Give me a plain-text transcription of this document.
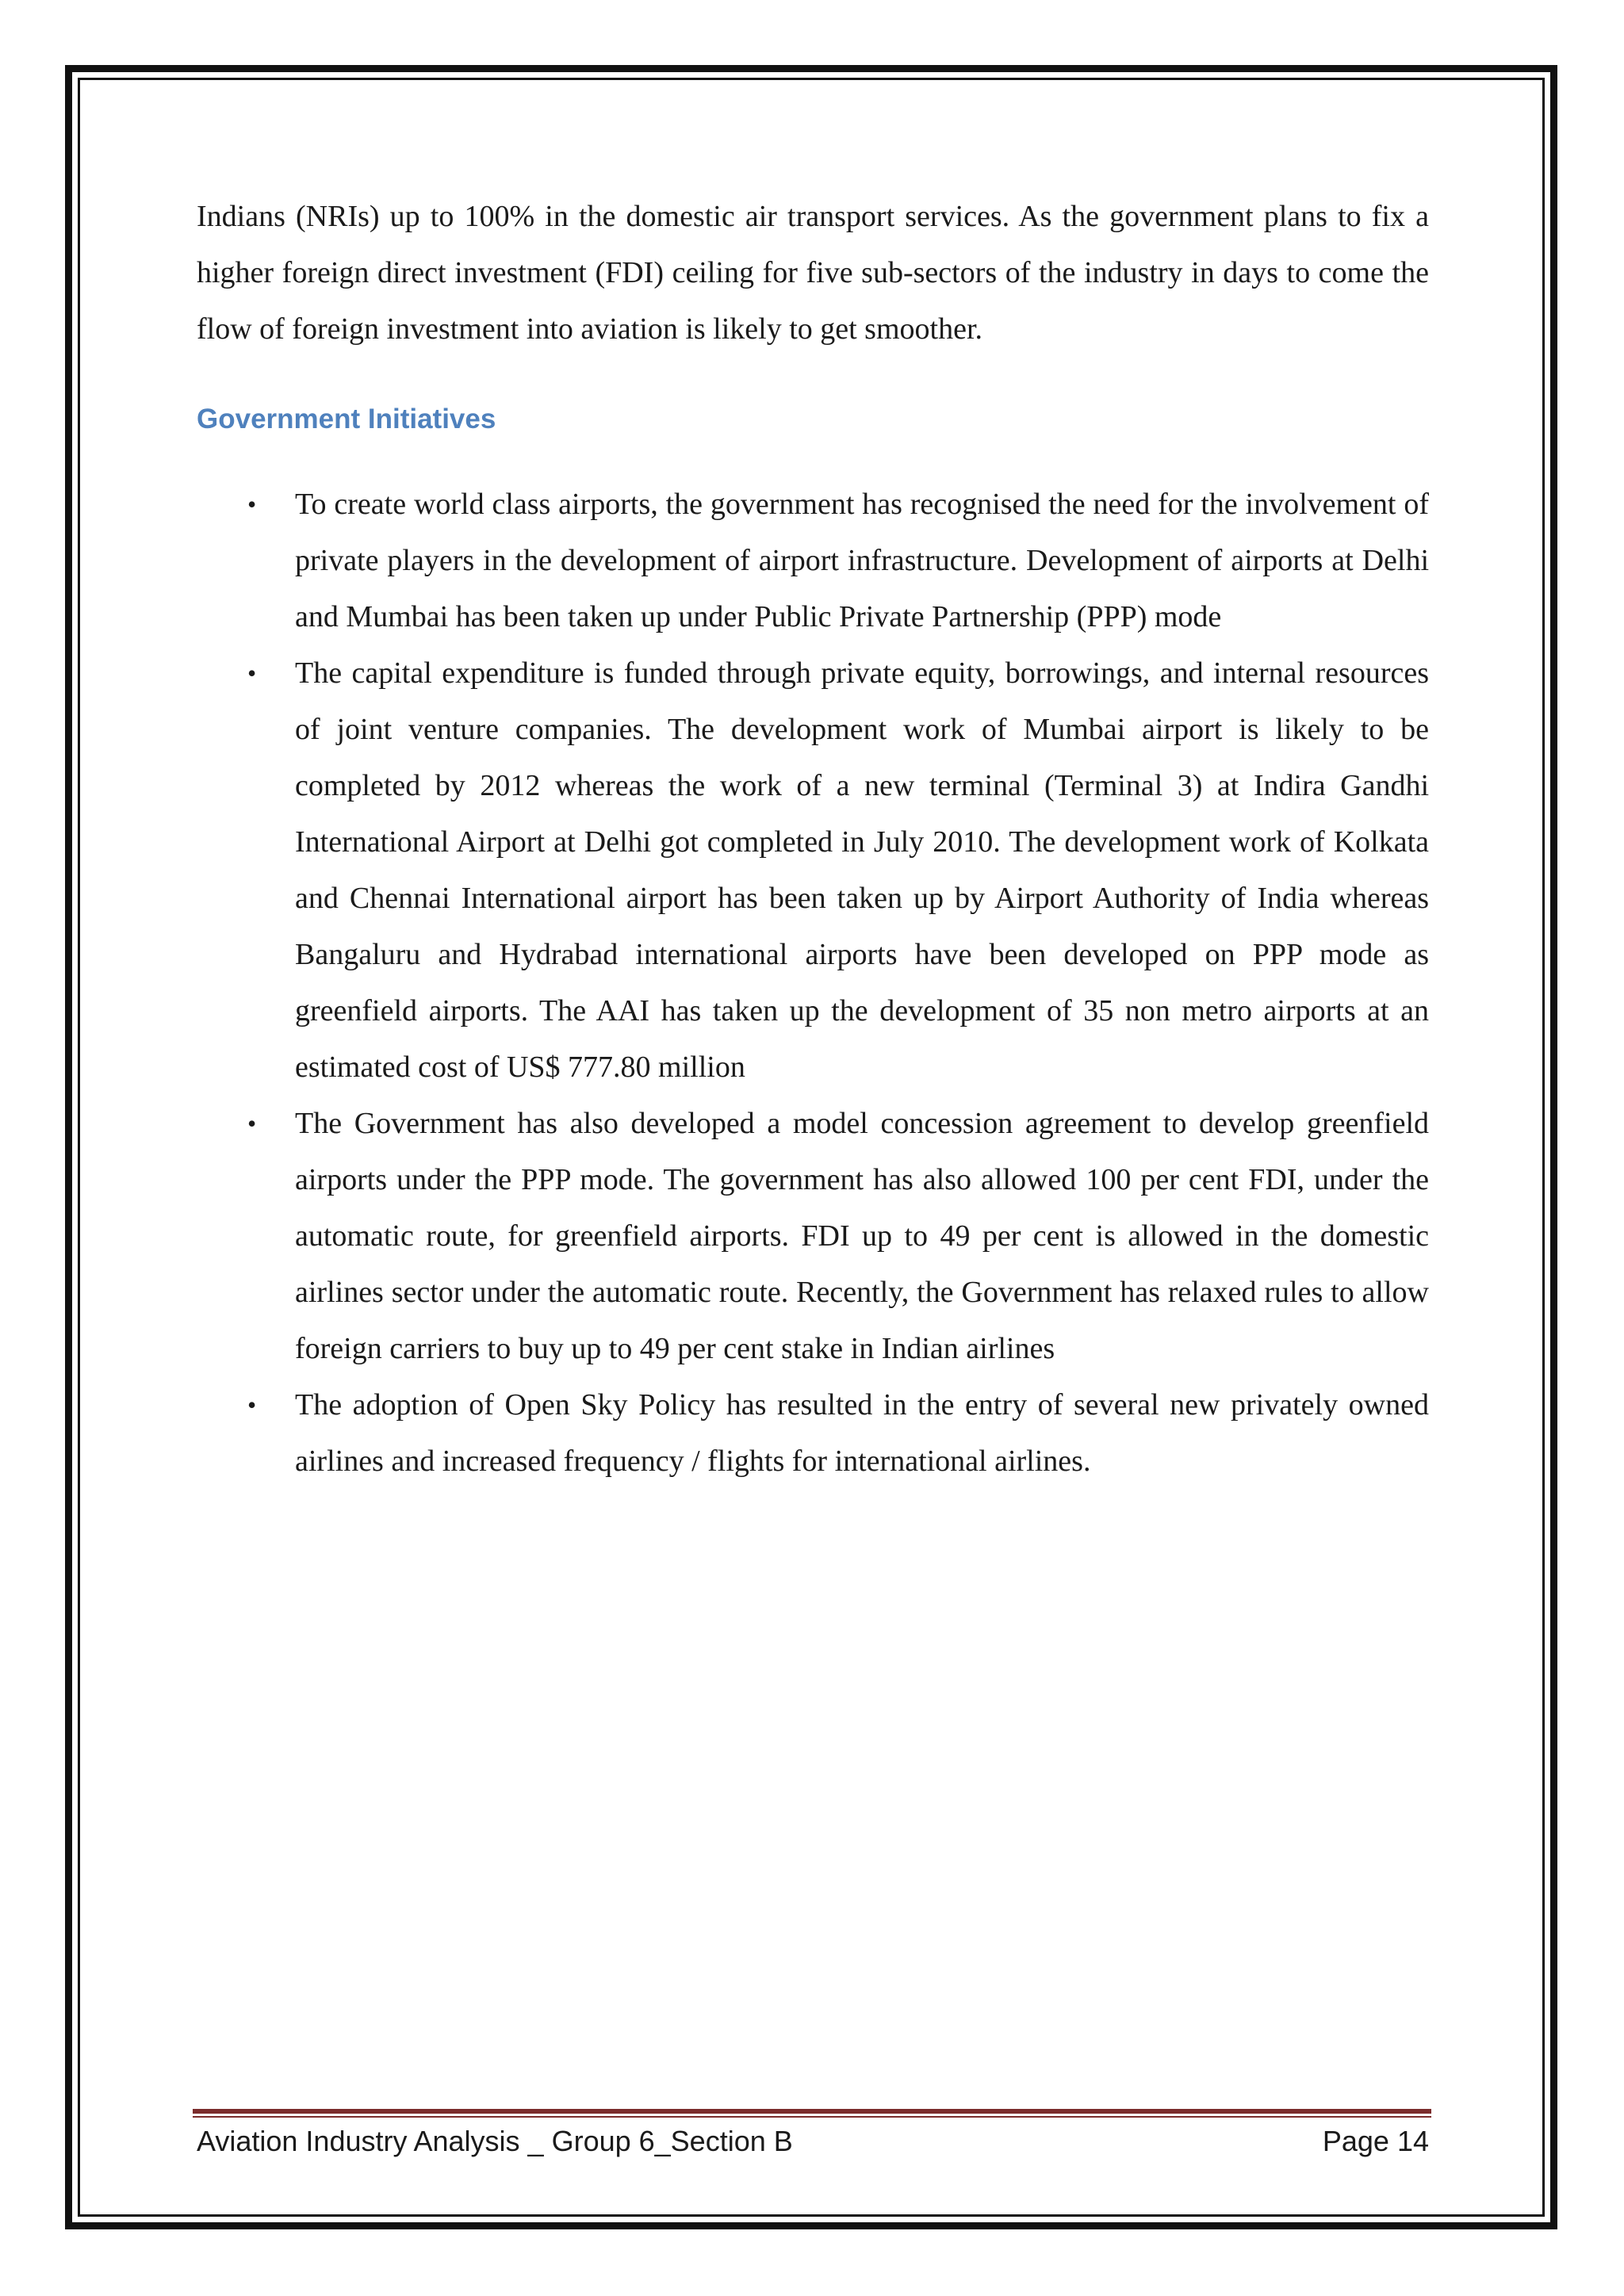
Indians (NRIs) up to 100% in the domestic air transport services. As the government plans to fix a higher foreign direct investment (FDI) ceiling for five sub-sectors of the industry in days to come the flow of foreign investment into aviation is likely to get smoother.

Government Initiatives
• To create world class airports, the government has recognised the need for the involvement of private players in the development of airport infrastructure. Development of airports at Delhi and Mumbai has been taken up under Public Private Partnership (PPP) mode
• The capital expenditure is funded through private equity, borrowings, and internal resources of joint venture companies. The development work of Mumbai airport is likely to be completed by 2012 whereas the work of a new terminal (Terminal 3) at Indira Gandhi International Airport at Delhi got completed in July 2010. The development work of Kolkata and Chennai International airport has been taken up by Airport Authority of India whereas Bangaluru and Hydrabad international airports have been developed on PPP mode as greenfield airports. The AAI has taken up the development of 35 non metro airports at an estimated cost of US$ 777.80 million
• The Government has also developed a model concession agreement to develop greenfield airports under the PPP mode. The government has also allowed 100 per cent FDI, under the automatic route, for greenfield airports. FDI up to 49 per cent is allowed in the domestic airlines sector under the automatic route. Recently, the Government has relaxed rules to allow foreign carriers to buy up to 49 per cent stake in Indian airlines
• The adoption of Open Sky Policy has resulted in the entry of several new privately owned airlines and increased frequency / flights for international airlines.
Aviation Industry Analysis _ Group 6_Section B	Page 14
